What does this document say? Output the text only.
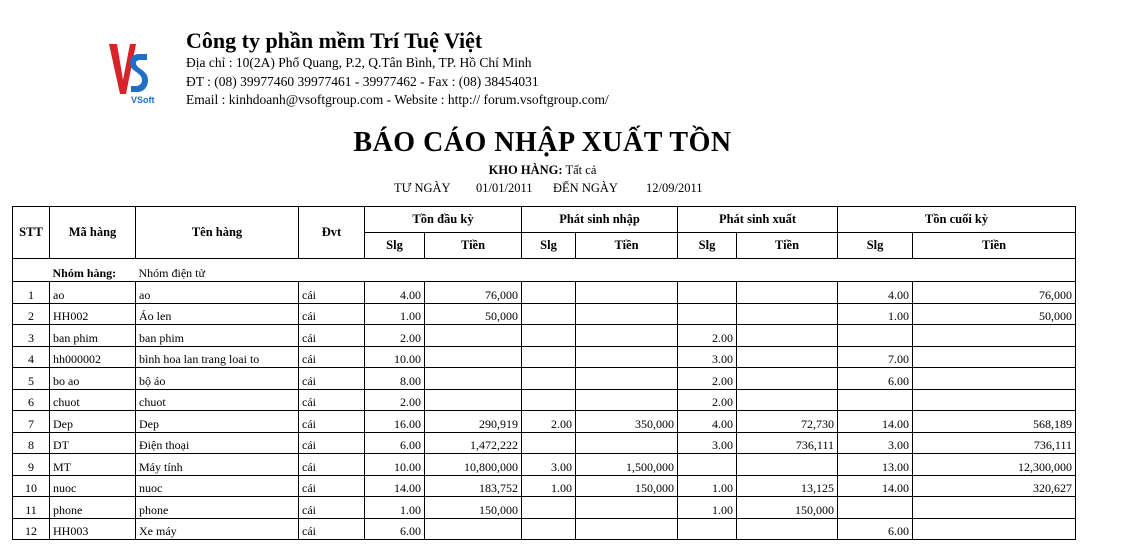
VSoft
Công ty phần mềm Trí Tuệ Việt
Địa chỉ : 10(2A) Phổ Quang, P.2, Q.Tân Bình, TP. Hồ Chí Minh
ĐT : (08) 39977460 39977461 - 39977462 - Fax : (08) 38454031
Email : kinhdoanh@vsoftgroup.com - Website : http:// forum.vsoftgroup.com/
BÁO CÁO NHẬP XUẤT TỒN
KHO HÀNG: Tất cả
TƯ NGÀY 01/01/2011 ĐẾN NGÀY 12/09/2011
STT	Mã hàng	Tên hàng	Đvt	Tồn đầu kỳ		Phát sinh nhập		Phát sinh xuất		Tồn cuối kỳ	
				Slg	Tiền	Slg	Tiền	Slg	Tiền	Slg	Tiền
	Nhóm hàng:	Nhóm điện tử									
1	ao	ao	cái	4.00	76,000					4.00	76,000
2	HH002	Áo len	cái	1.00	50,000					1.00	50,000
3	ban phim	ban phim	cái	2.00				2.00			
4	hh000002	bình hoa lan trang loai to	cái	10.00				3.00		7.00	
5	bo ao	bộ áo	cái	8.00				2.00		6.00	
6	chuot	chuot	cái	2.00				2.00			
7	Dep	Dep	cái	16.00	290,919	2.00	350,000	4.00	72,730	14.00	568,189
8	DT	Điện thoại	cái	6.00	1,472,222			3.00	736,111	3.00	736,111
9	MT	Máy tính	cái	10.00	10,800,000	3.00	1,500,000			13.00	12,300,000
10	nuoc	nuoc	cái	14.00	183,752	1.00	150,000	1.00	13,125	14.00	320,627
11	phone	phone	cái	1.00	150,000			1.00	150,000		
12	HH003	Xe máy	cái	6.00						6.00	
